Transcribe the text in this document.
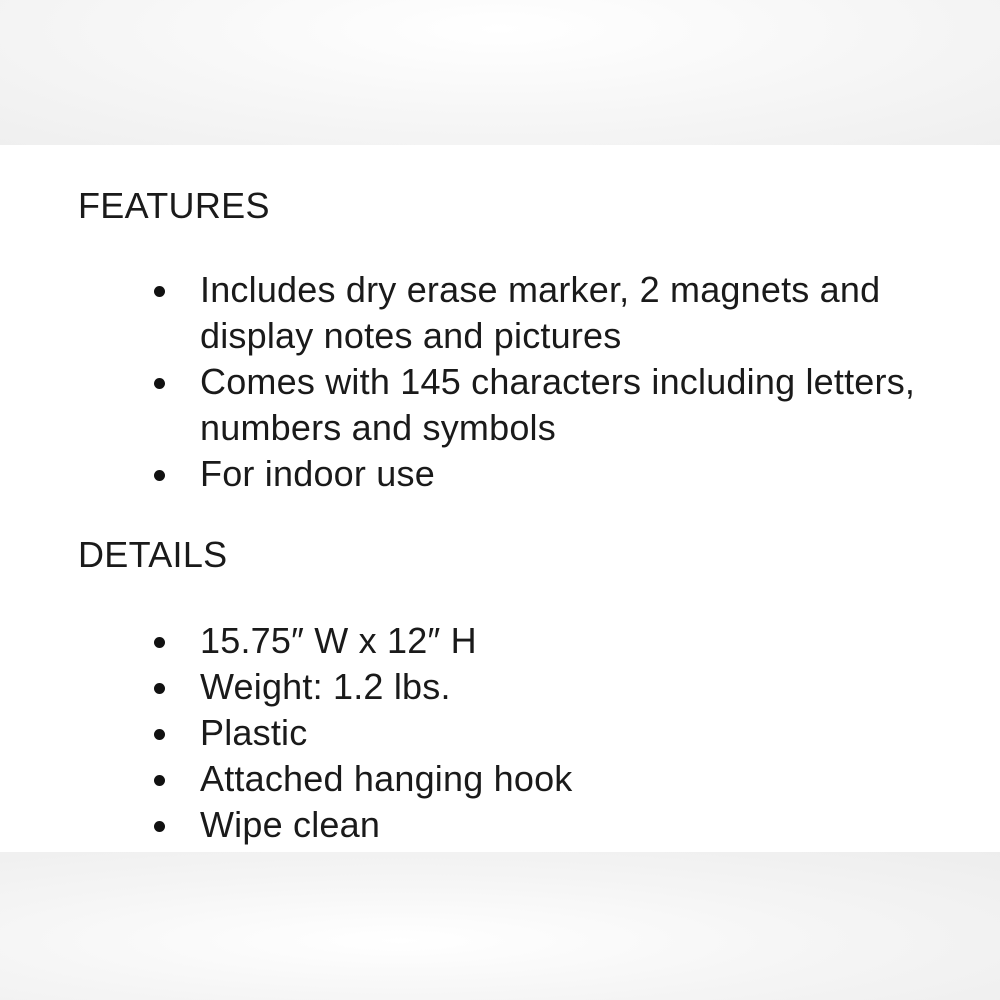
FEATURES
Includes dry erase marker, 2 magnets and display notes and pictures
Comes with 145 characters including letters, numbers and symbols
For indoor use
DETAILS
15.75″ W x 12″ H
Weight: 1.2 lbs.
Plastic
Attached hanging hook
Wipe clean
